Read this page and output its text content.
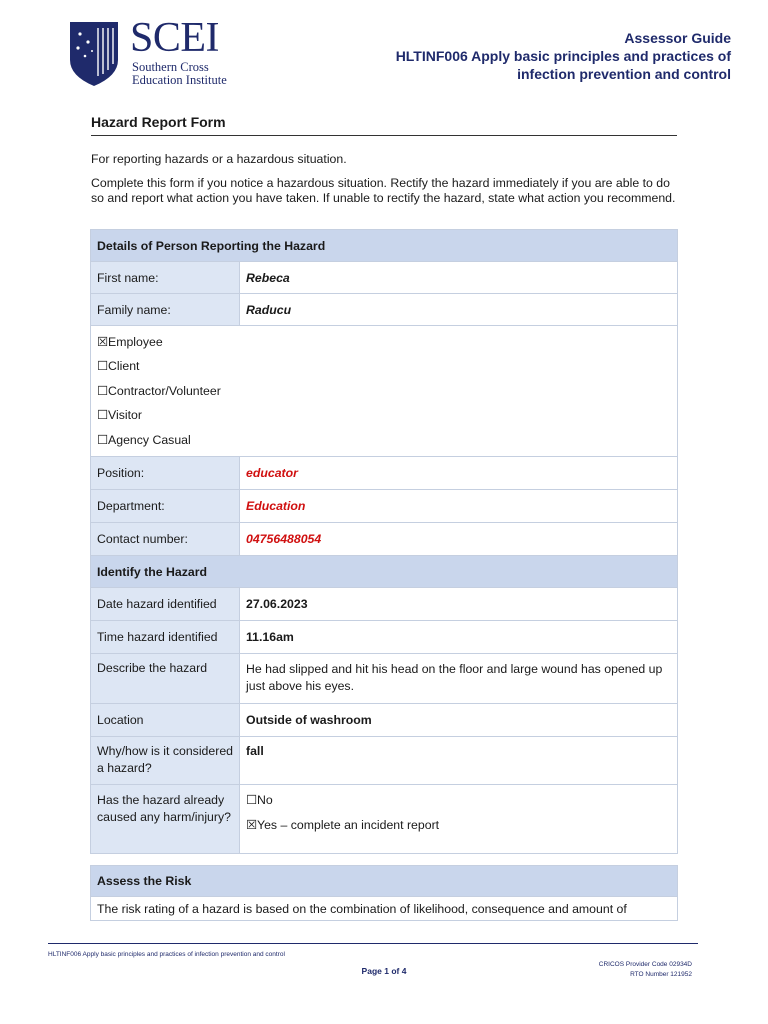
SCEI
Southern Cross
Education Institute
Assessor Guide
HLTINF006 Apply basic principles and practices of
infection prevention and control
Hazard Report Form

For reporting hazards or a hazardous situation.

Complete this form if you notice a hazardous situation. Rectify the hazard immediately if you are able to do so and report what action you have taken. If unable to rectify the hazard, state what action you recommend.

Details of Person Reporting the Hazard	
First name:	Rebeca
Family name:	Raducu

☒Employee
☐Client
☐Contractor/Volunteer
☐Visitor
☐Agency Casual	

Position:	educator
Department:	Education
Contact number:	04756488054
Identify the Hazard	
Date hazard identified	27.06.2023
Time hazard identified	11.16am
Describe the hazard	He had slipped and hit his head on the floor and large wound has opened up just above his eyes.
Location	Outside of washroom
Why/how is it considered a hazard?	fall
Has the hazard already caused any harm/injury?	☐No
☒Yes – complete an incident report
Assess the Risk
The risk rating of a hazard is based on the combination of likelihood, consequence and amount of
HLTINF006 Apply basic principles and practices of infection prevention and control
Page 1 of 4
CRICOS Provider Code 02934D
RTO Number 121952
